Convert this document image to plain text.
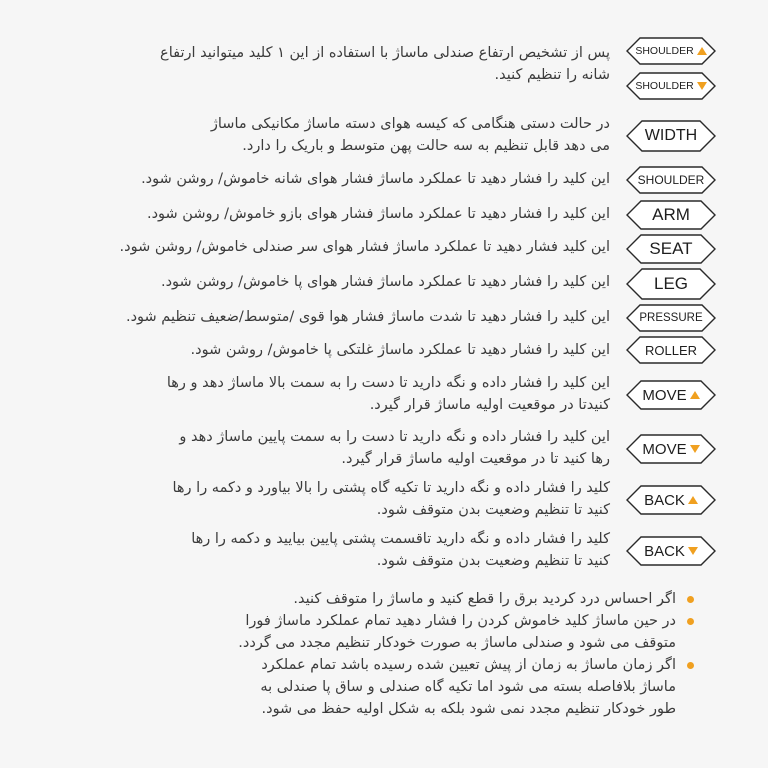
پس از تشخیص ارتفاع صندلی ماساژ با استفاده از این ۱ کلید میتوانید ارتفاع
شانه را تنظیم کنید.
SHOULDER
SHOULDER
در حالت دستی هنگامی که کیسه هوای دسته ماساژ مکانیکی ماساژ
می دهد قابل تنظیم به سه حالت پهن متوسط و باریک را دارد.
WIDTH
این کلید را فشار دهید تا عملکرد ماساژ فشار هوای شانه خاموش/ روشن شود. SHOULDER
این کلید را فشار دهید تا عملکرد ماساژ فشار هوای بازو خاموش/ روشن شود. ARM
این کلید فشار دهید تا عملکرد ماساژ فشار هوای سر صندلی خاموش/ روشن شود. SEAT
این کلید را فشار دهید تا عملکرد ماساژ فشار هوای پا خاموش/ روشن شود.	LEG
این کلید را فشار دهید تا شدت ماساژ فشار هوا قوی /متوسط/ضعیف تنظیم شود.	PRESSURE
این کلید را فشار دهید تا عملکرد ماساژ غلتکی پا خاموش/ روشن شود.	ROLLER
این کلید را فشار داده و نگه دارید تا دست را به سمت بالا ماساژ دهد و رها
کنیدتا در موقعیت اولیه ماساژ قرار گیرد.
MOVE
این کلید را فشار داده و نگه دارید تا دست را به سمت پایین ماساژ دهد و
رها کنید تا در موقعیت اولیه ماساژ قرار گیرد.
MOVE
کلید را فشار داده و نگه دارید تا تکیه گاه پشتی را بالا بیاورد و دکمه را رها
کنید تا تنظیم وضعیت بدن متوقف شود.
BACK
کلید را فشار داده و نگه دارید تاقسمت پشتی پایین بیایید و دکمه را رها
کنید تا تنظیم وضعیت بدن متوقف شود.
BACK
اگر احساس درد کردید برق را قطع کنید و ماساژ را متوقف کنید.
در حین ماساژ کلید خاموش کردن را فشار دهید تمام عملکرد ماساژ فورا
متوقف می شود و صندلی ماساژ به صورت خودکار تنظیم مجدد می گردد.
اگر زمان ماساژ به زمان از پیش تعیین شده رسیده باشد تمام عملکرد
ماساژ بلافاصله بسته می شود اما تکیه گاه صندلی و ساق پا صندلی به
طور خودکار تنظیم مجدد نمی شود بلکه به شکل اولیه حفظ می شود.
